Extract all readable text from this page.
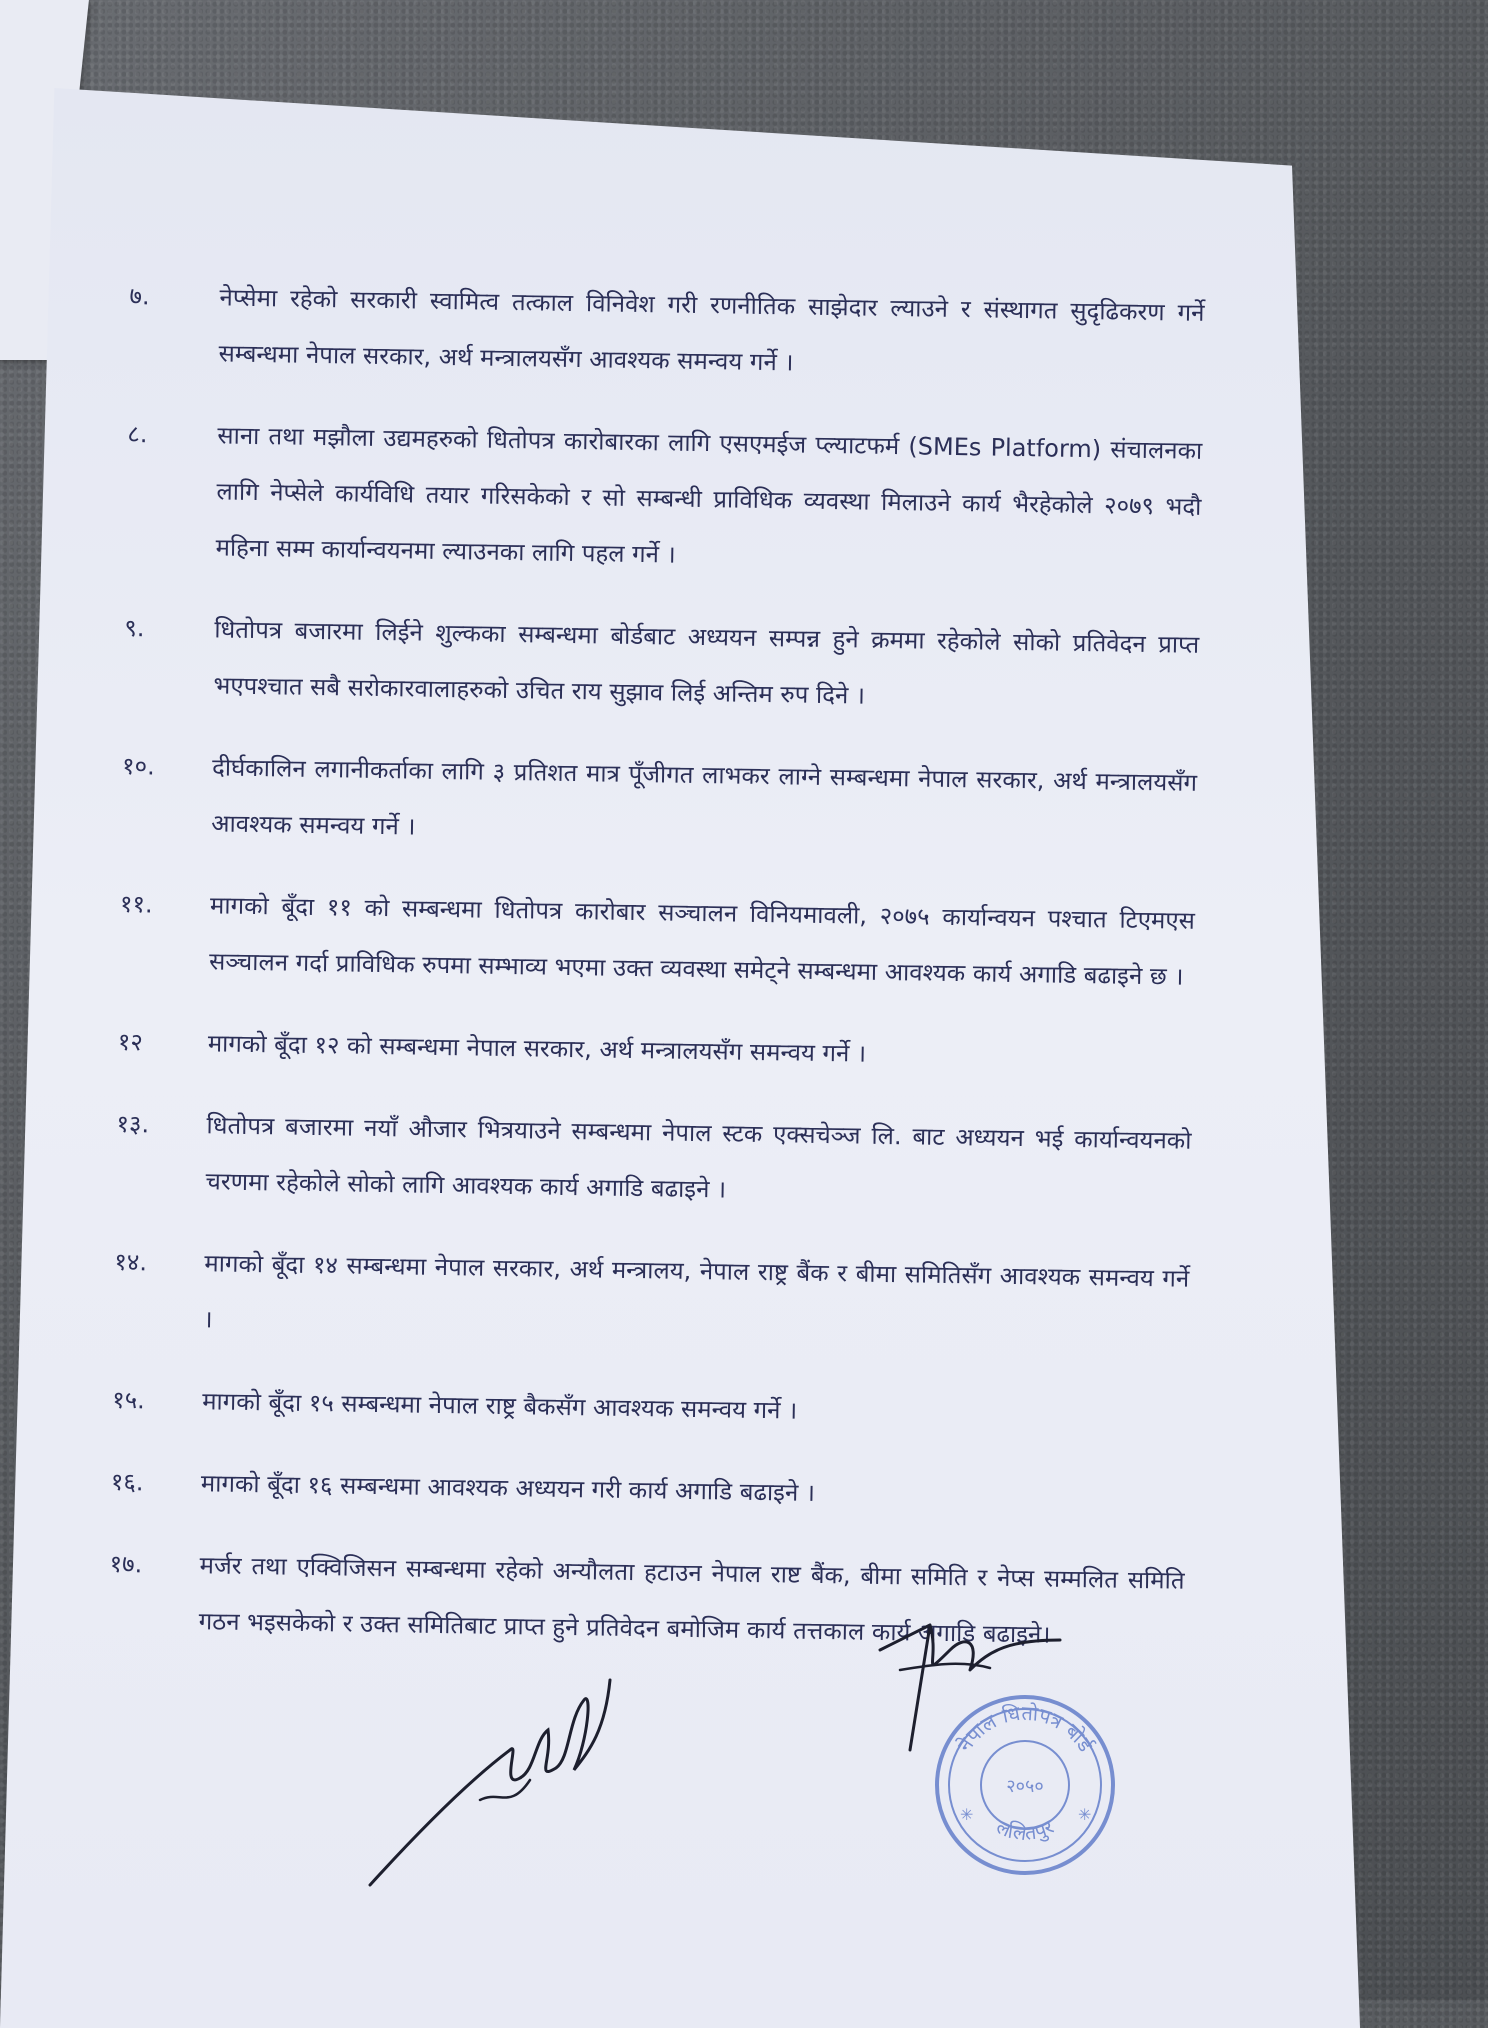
७.	नेप्सेमा रहेको सरकारी स्वामित्व तत्काल विनिवेश गरी रणनीतिक साझेदार ल्याउने र संस्थागत सुदृढिकरण गर्ने सम्बन्धमा नेपाल सरकार, अर्थ मन्त्रालयसँग आवश्यक समन्वय गर्ने ।
८.	साना तथा मझौला उद्यमहरुको धितोपत्र कारोबारका लागि एसएमईज प्ल्याटफर्म (SMEs Platform) संचालनका लागि नेप्सेले कार्यविधि तयार गरिसकेको र सो सम्बन्धी प्राविधिक व्यवस्था मिलाउने कार्य भैरहेकोले २०७९ भदौ महिना सम्म कार्यान्वयनमा ल्याउनका लागि पहल गर्ने ।
९.	धितोपत्र बजारमा लिईने शुल्कका सम्बन्धमा बोर्डबाट अध्ययन सम्पन्न हुने क्रममा रहेकोले सोको प्रतिवेदन प्राप्त भएपश्चात सबै सरोकारवालाहरुको उचित राय सुझाव लिई अन्तिम रुप दिने ।
१०.	दीर्घकालिन लगानीकर्ताका लागि ३ प्रतिशत मात्र पूँजीगत लाभकर लाग्ने सम्बन्धमा नेपाल सरकार, अर्थ मन्त्रालयसँग आवश्यक समन्वय गर्ने ।
११.	मागको बूँदा ११ को सम्बन्धमा धितोपत्र कारोबार सञ्चालन विनियमावली, २०७५ कार्यान्वयन पश्चात टिएमएस सञ्चालन गर्दा प्राविधिक रुपमा सम्भाव्य भएमा उक्त व्यवस्था समेट्ने सम्बन्धमा आवश्यक कार्य अगाडि बढाइने छ ।
१२	मागको बूँदा १२ को सम्बन्धमा नेपाल सरकार, अर्थ मन्त्रालयसँग समन्वय गर्ने ।
१३.	धितोपत्र बजारमा नयाँ औजार भित्रयाउने सम्बन्धमा नेपाल स्टक एक्सचेञ्ज लि. बाट अध्ययन भई कार्यान्वयनको चरणमा रहेकोले सोको लागि आवश्यक कार्य अगाडि बढाइने ।
१४.	मागको बूँदा १४ सम्बन्धमा नेपाल सरकार, अर्थ मन्त्रालय, नेपाल राष्ट्र बैंक र बीमा समितिसँग आवश्यक समन्वय गर्ने ।
१५.	मागको बूँदा १५ सम्बन्धमा नेपाल राष्ट्र बैकसँग आवश्यक समन्वय गर्ने ।
१६.	मागको बूँदा १६ सम्बन्धमा आवश्यक अध्ययन गरी कार्य अगाडि बढाइने ।
१७.	मर्जर तथा एक्विजिसन सम्बन्धमा रहेको अन्यौलता हटाउन नेपाल राष्ट बैंक, बीमा समिति र नेप्स सम्मलित समिति गठन भइसकेको र उक्त समितिबाट प्राप्त हुने प्रतिवेदन बमोजिम कार्य तत्तकाल कार्य अगाडि बढाइने।
नेपाल धितोपत्र बोर्ड
२०५०
ललितपुर
✳	✳
